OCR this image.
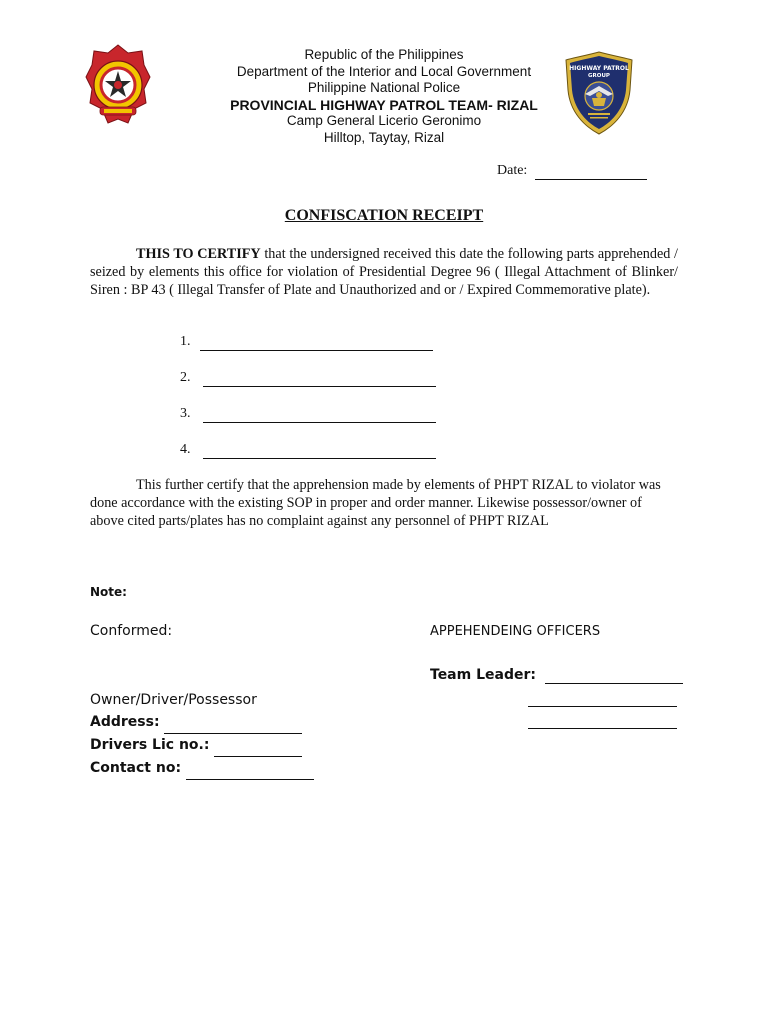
HIGHWAY PATROL
GROUP
Republic of the Philippines
Department of the Interior and Local Government
Philippine National Police
PROVINCIAL HIGHWAY PATROL TEAM- RIZAL
Camp General Licerio Geronimo
Hilltop, Taytay, Rizal
Date:
CONFISCATION RECEIPT
THIS TO CERTIFY that the undersigned received this date the following parts apprehended / seized by elements this office for violation of Presidential Degree 96 ( Illegal Attachment of Blinker/ Siren : BP 43 ( Illegal Transfer of Plate and Unauthorized and or / Expired Commemorative plate).
1.
2.
3.
4.
This further certify that the apprehension made by elements of PHPT RIZAL to violator was done accordance with the existing SOP in proper and order manner. Likewise possessor/owner of above cited parts/plates has no complaint against any personnel of PHPT RIZAL
Note:
Conformed:
Owner/Driver/Possessor
Address:
Drivers Lic no.:
Contact no:
APPEHENDEING OFFICERS
Team Leader:
